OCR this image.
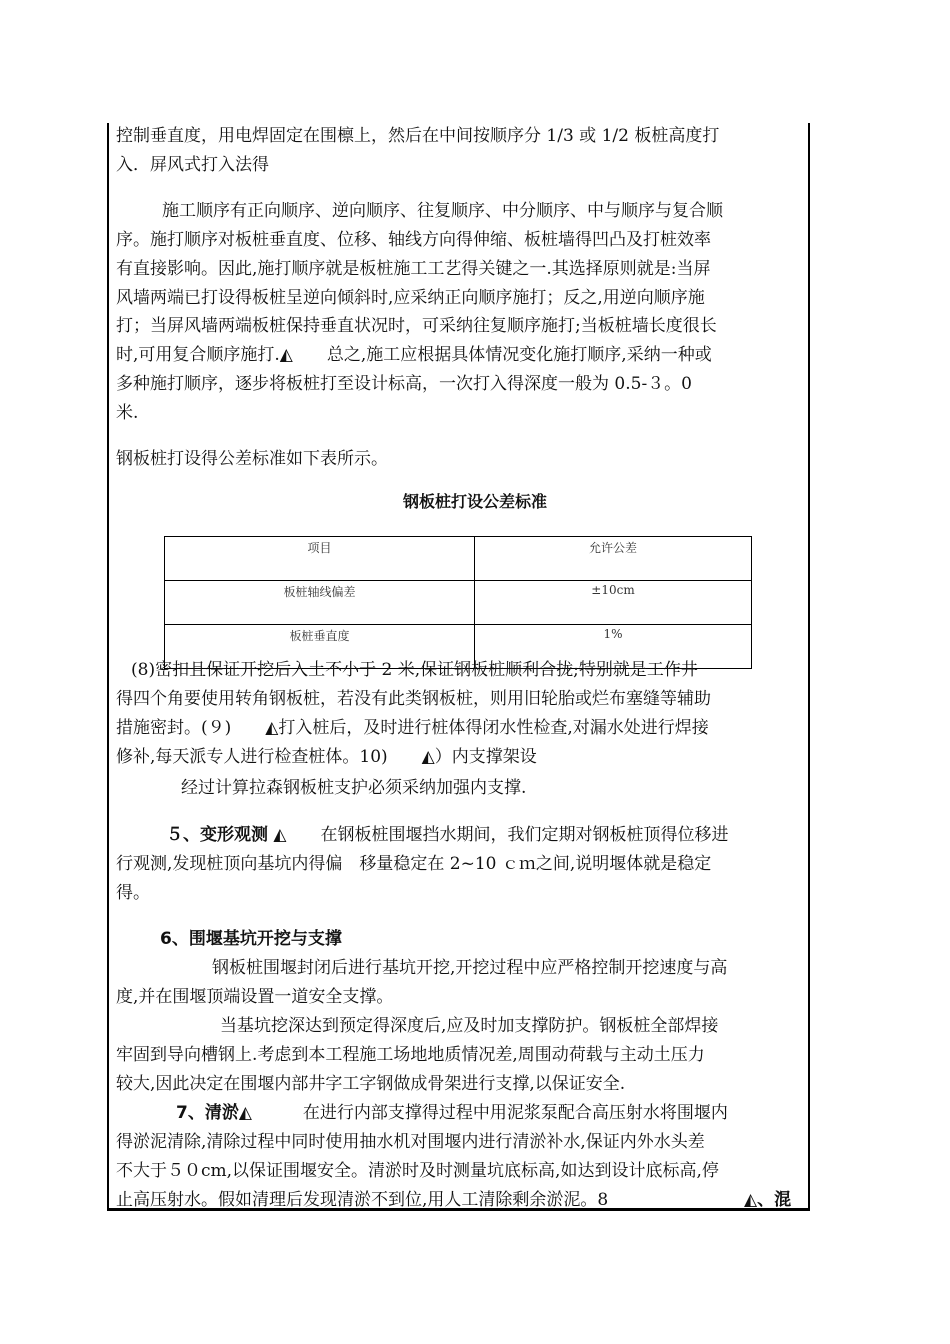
控制垂直度，用电焊固定在围檩上，然后在中间按顺序分 1/3 或 1/2 板桩高度打
入．屏风式打入法得
施工顺序有正向顺序、逆向顺序、往复顺序、中分顺序、中与顺序与复合顺
序。施打顺序对板桩垂直度、位移、轴线方向得伸缩、板桩墙得凹凸及打桩效率
有直接影响。因此,施打顺序就是板桩施工工艺得关键之一.其选择原则就是:当屏
风墙两端已打设得板桩呈逆向倾斜时,应采纳正向顺序施打；反之,用逆向顺序施
打；当屏风墙两端板桩保持垂直状况时，可采纳往复顺序施打;当板桩墙长度很长
时,可用复合顺序施打.◭　　总之,施工应根据具体情况变化施打顺序,采纳一种或
多种施打顺序，逐步将板桩打至设计标高，一次打入得深度一般为 0.5-３。0
米.
钢板桩打设得公差标准如下表所示。
钢板桩打设公差标准
项目	允许公差
板桩轴线偏差	±10cm
板桩垂直度	1%
(8)密扣且保证开挖后入土不小于 2 米,保证钢板桩顺利合拢;特别就是工作井
得四个角要使用转角钢板桩，若没有此类钢板桩，则用旧轮胎或烂布塞缝等辅助
措施密封。(９)　　◭打入桩后，及时进行桩体得闭水性检查,对漏水处进行焊接
修补,每天派专人进行检查桩体。10)　　◭）内支撑架设
经过计算拉森钢板桩支护必须采纳加强内支撑.
５、变形观测 ◭　　在钢板桩围堰挡水期间，我们定期对钢板桩顶得位移进
行观测,发现桩顶向基坑内得偏　移量稳定在 2~10 ｃｍ之间,说明堰体就是稳定
得。
6、围堰基坑开挖与支撑
钢板桩围堰封闭后进行基坑开挖,开挖过程中应严格控制开挖速度与高
度,并在围堰顶端设置一道安全支撑。
当基坑挖深达到预定得深度后,应及时加支撑防护。钢板桩全部焊接
牢固到导向槽钢上.考虑到本工程施工场地地质情况差,周围动荷载与主动土压力
较大,因此决定在围堰内部井字工字钢做成骨架进行支撑,以保证安全.
7、清淤◭　　　在进行内部支撑得过程中用泥浆泵配合高压射水将围堰内
得淤泥清除,清除过程中同时使用抽水机对围堰内进行清淤补水,保证内外水头差
不大于５０cm,以保证围堰安全。清淤时及时测量坑底标高,如达到设计底标高,停
止高压射水。假如清理后发现清淤不到位,用人工清除剩余淤泥。8	◭、混
